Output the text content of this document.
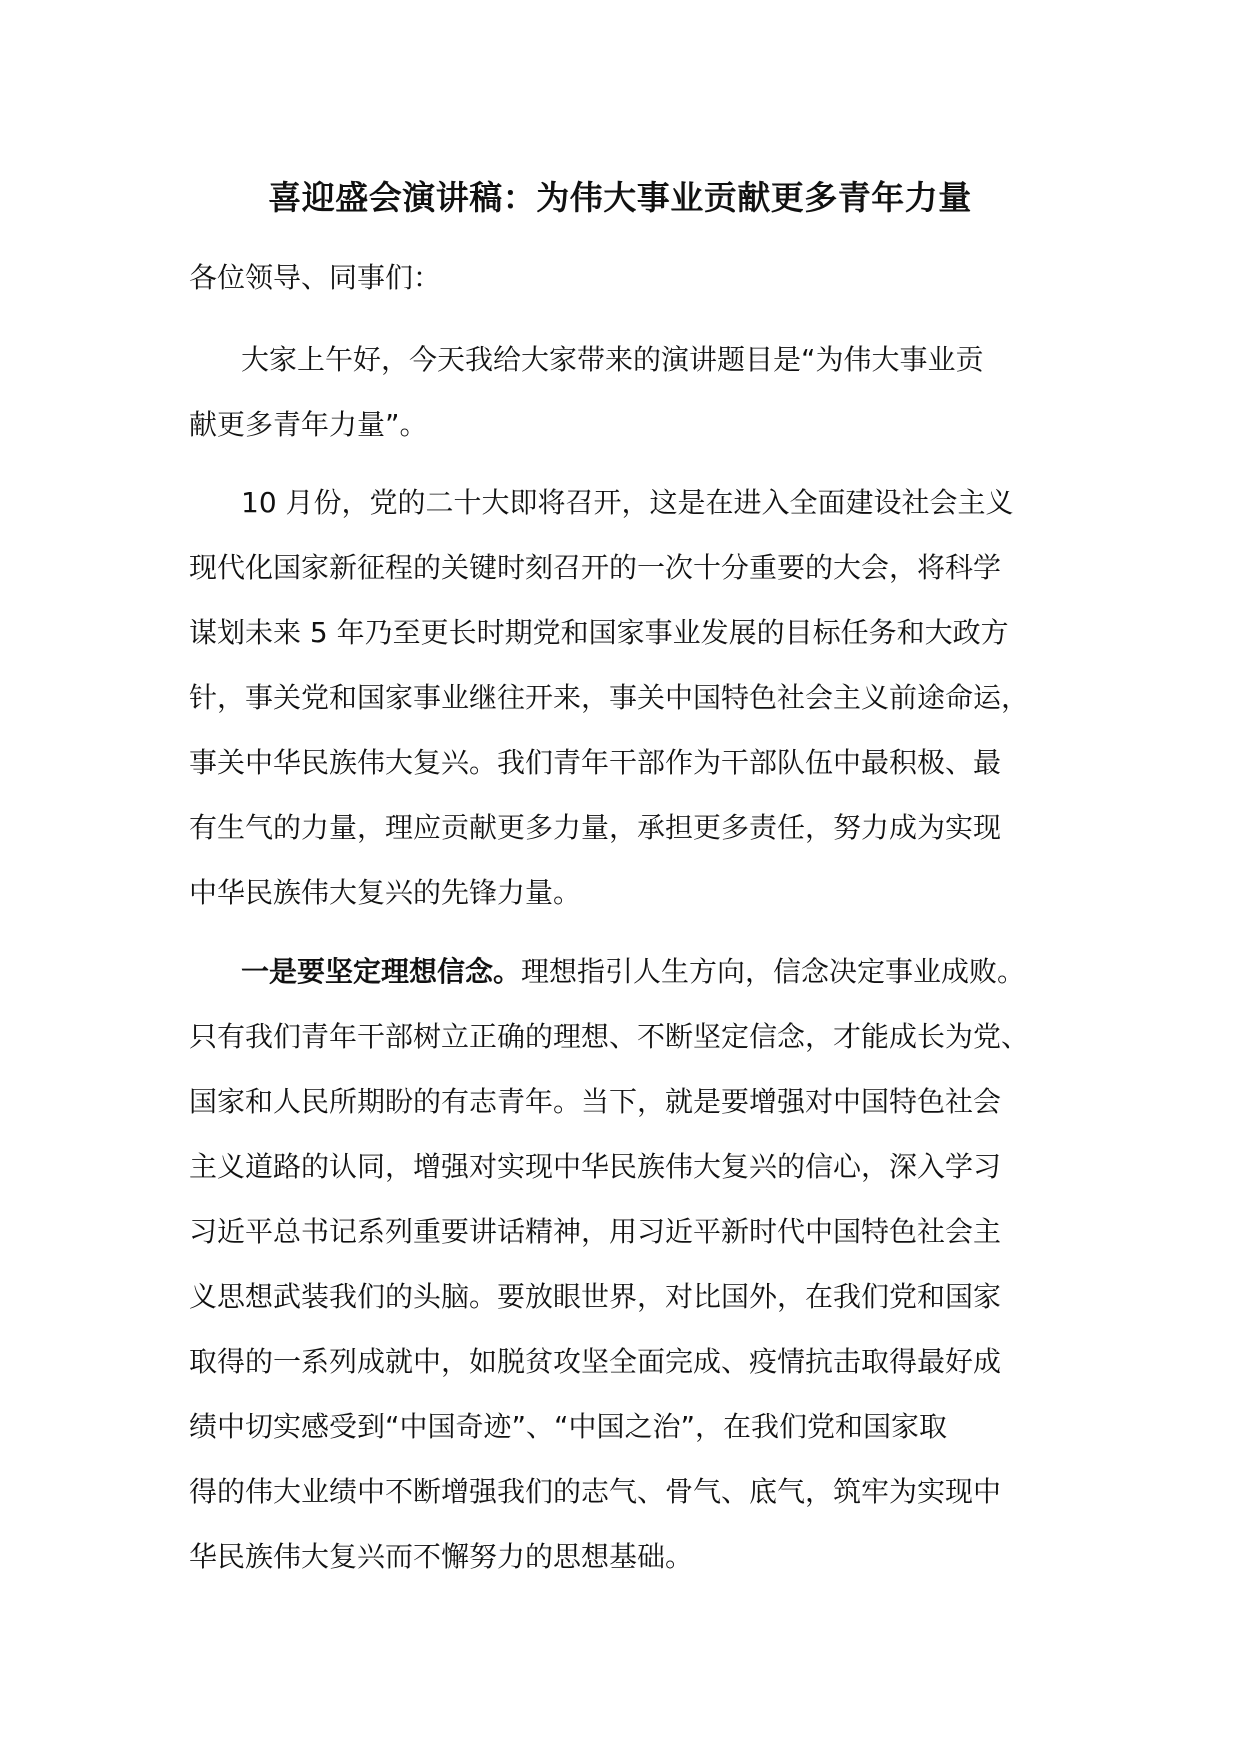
喜迎盛会演讲稿：为伟大事业贡献更多青年力量

各位领导、同事们：

大家上午好，今天我给大家带来的演讲题目是“为伟大事业贡
献更多青年力量”。
10 月份，党的二十大即将召开，这是在进入全面建设社会主义
现代化国家新征程的关键时刻召开的一次十分重要的大会，将科学
谋划未来 5 年乃至更长时期党和国家事业发展的目标任务和大政方
针，事关党和国家事业继往开来，事关中国特色社会主义前途命运，
事关中华民族伟大复兴。我们青年干部作为干部队伍中最积极、最
有生气的力量，理应贡献更多力量，承担更多责任，努力成为实现
中华民族伟大复兴的先锋力量。
一是要坚定理想信念。理想指引人生方向，信念决定事业成败。
只有我们青年干部树立正确的理想、不断坚定信念，才能成长为党、
国家和人民所期盼的有志青年。当下，就是要增强对中国特色社会
主义道路的认同，增强对实现中华民族伟大复兴的信心，深入学习
习近平总书记系列重要讲话精神，用习近平新时代中国特色社会主
义思想武装我们的头脑。要放眼世界，对比国外，在我们党和国家
取得的一系列成就中，如脱贫攻坚全面完成、疫情抗击取得最好成
绩中切实感受到“中国奇迹”、“中国之治”，在我们党和国家取
得的伟大业绩中不断增强我们的志气、骨气、底气，筑牢为实现中
华民族伟大复兴而不懈努力的思想基础。
